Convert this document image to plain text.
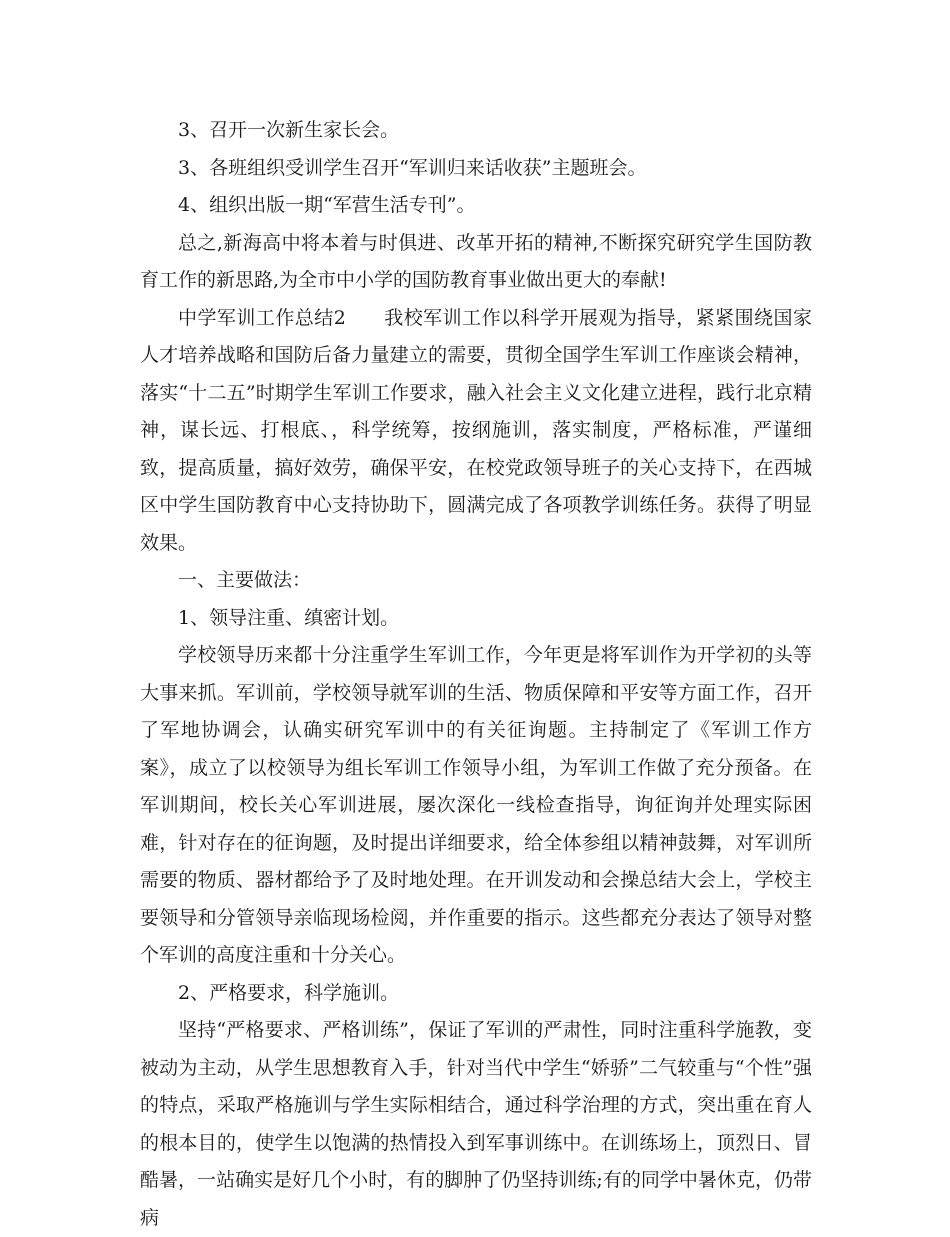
3、召开一次新生家长会。

3、各班组织受训学生召开“军训归来话收获”主题班会。

4、组织出版一期“军营生活专刊”。

总之,新海高中将本着与时俱进、改革开拓的精神,不断探究研究学生国防教育工作的新思路,为全市中小学的国防教育事业做出更大的奉献!

中学军训工作总结2 我校军训工作以科学开展观为指导，紧紧围绕国家人才培养战略和国防后备力量建立的需要，贯彻全国学生军训工作座谈会精神，落实“十二五”时期学生军训工作要求，融入社会主义文化建立进程，践行北京精神，谋长远、打根底、，科学统筹，按纲施训，落实制度，严格标准，严谨细致，提高质量，搞好效劳，确保平安，在校党政领导班子的关心支持下，在西城区中学生国防教育中心支持协助下，圆满完成了各项教学训练任务。获得了明显效果。

一、主要做法：

1、领导注重、缜密计划。

学校领导历来都十分注重学生军训工作，今年更是将军训作为开学初的头等大事来抓。军训前，学校领导就军训的生活、物质保障和平安等方面工作，召开了军地协调会，认确实研究军训中的有关征询题。主持制定了《军训工作方案》，成立了以校领导为组长军训工作领导小组，为军训工作做了充分预备。在军训期间，校长关心军训进展，屡次深化一线检查指导，询征询并处理实际困难，针对存在的征询题，及时提出详细要求，给全体参组以精神鼓舞，对军训所需要的物质、器材都给予了及时地处理。在开训发动和会操总结大会上，学校主要领导和分管领导亲临现场检阅，并作重要的指示。这些都充分表达了领导对整个军训的高度注重和十分关心。

2、严格要求，科学施训。

坚持“严格要求、严格训练”，保证了军训的严肃性，同时注重科学施教，变被动为主动，从学生思想教育入手，针对当代中学生“娇骄”二气较重与“个性”强的特点，采取严格施训与学生实际相结合，通过科学治理的方式，突出重在育人的根本目的，使学生以饱满的热情投入到军事训练中。在训练场上，顶烈日、冒酷暑，一站确实是好几个小时，有的脚肿了仍坚持训练;有的同学中暑休克，仍带病
